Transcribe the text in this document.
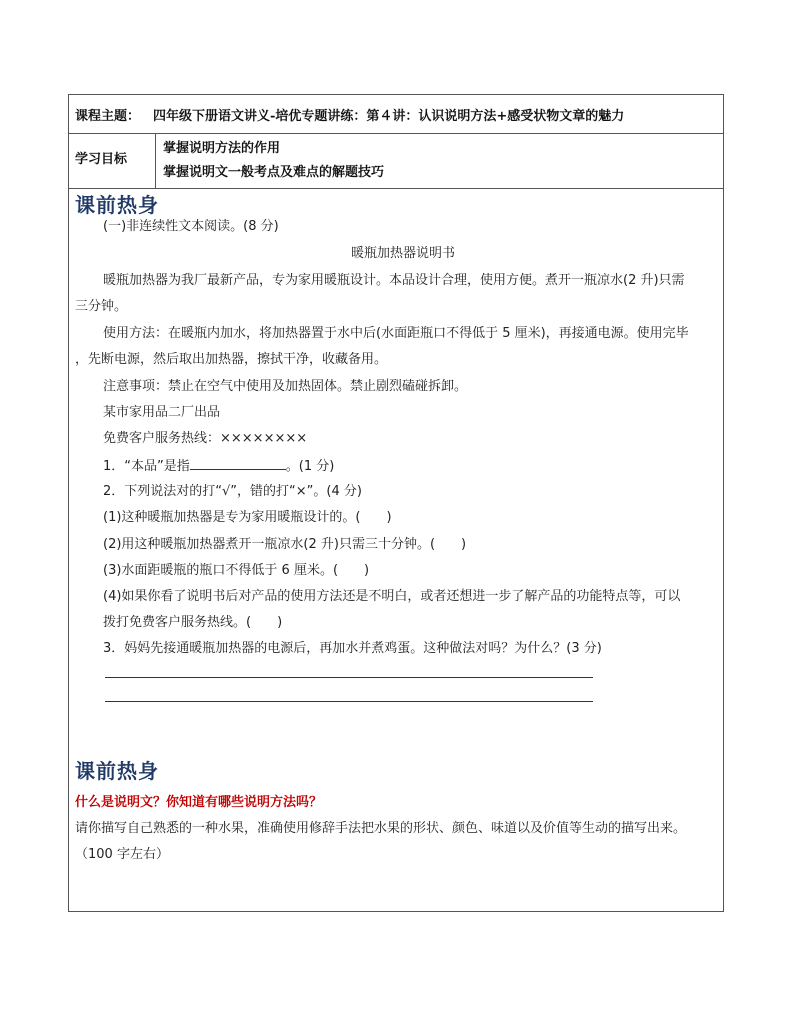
课程主题： 四年级下册语文讲义-培优专题讲练：第４讲：认识说明方法+感受状物文章的魅力
学习目标
掌握说明方法的作用
掌握说明文一般考点及难点的解题技巧
课前热身
(一)非连续性文本阅读。(8 分)
暖瓶加热器说明书
暖瓶加热器为我厂最新产品，专为家用暖瓶设计。本品设计合理，使用方便。煮开一瓶凉水(2 升)只需
三分钟。
使用方法：在暖瓶内加水，将加热器置于水中后(水面距瓶口不得低于 5 厘米)，再接通电源。使用完毕
，先断电源，然后取出加热器，擦拭干净，收藏备用。
注意事项：禁止在空气中使用及加热固体。禁止剧烈磕碰拆卸。
某市家用品二厂出品
免费客户服务热线：××××××××
1．“本品”是指	。(1 分)
2．下列说法对的打“√”，错的打“×”。(4 分)
(1)这种暖瓶加热器是专为家用暖瓶设计的。(　　)
(2)用这种暖瓶加热器煮开一瓶凉水(2 升)只需三十分钟。(　　)
(3)水面距暖瓶的瓶口不得低于 6 厘米。(　　)
(4)如果你看了说明书后对产品的使用方法还是不明白，或者还想进一步了解产品的功能特点等，可以
拨打免费客户服务热线。(　　)
3．妈妈先接通暖瓶加热器的电源后，再加水并煮鸡蛋。这种做法对吗？为什么？(3 分)
课前热身
什么是说明文？你知道有哪些说明方法吗？
请你描写自己熟悉的一种水果，准确使用修辞手法把水果的形状、颜色、味道以及价值等生动的描写出来。
（100 字左右）
